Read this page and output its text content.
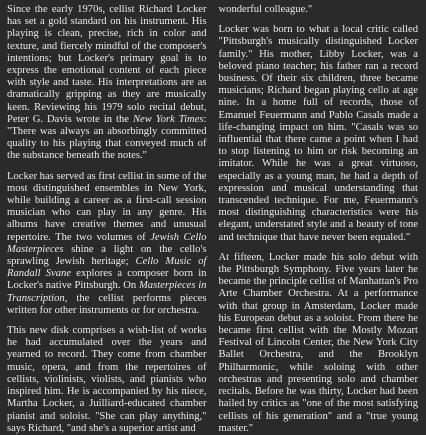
Since the early 1970s, cellist Richard Locker has set a gold standard on his instrument. His playing is clean, precise, rich in color and texture, and fiercely mindful of the composer's intentions; but Locker's primary goal is to express the emotional content of each piece with style and taste. His interpretations are as dramatically gripping as they are musically keen. Reviewing his 1979 solo recital debut, Peter G. Davis wrote in the New York Times: "There was always an absorbingly committed quality to his playing that conveyed much of the substance beneath the notes."

Locker has served as first cellist in some of the most distinguished ensembles in New York, while building a career as a first-call session musician who can play in any genre. His albums have creative themes and unusual repertoire. The two volumes of Jewish Cello Masterpieces shine a light on the cello's sprawling Jewish heritage; Cello Music of Randall Svane explores a composer born in Locker's native Pittsburgh. On Masterpieces in Transcription, the cellist performs pieces written for other instruments or for orchestra.

This new disk comprises a wish-list of works he had accumulated over the years and yearned to record. They come from chamber music, opera, and from the repertoires of cellists, violinists, violists, and pianists who inspired him. He is accompanied by his niece, Martha Locker, a Juilliard-educated chamber pianist and soloist. "She can play anything," says Richard, "and she's a superior artist and

wonderful colleague."

Locker was born to what a local critic called "Pittsburgh's musically distinguished Locker family." His mother, Libby Locker, was a beloved piano teacher; his father ran a record business. Of their six children, three became musicians; Richard began playing cello at age nine. In a home full of records, those of Emanuel Feuermann and Pablo Casals made a life-changing impact on him. "Casals was so influential that there came a point when I had to stop listening to him or risk becoming an imitator. While he was a great virtuoso, especially as a young man, he had a depth of expression and musical understanding that transcended technique. For me, Feuermann's most distinguishing characteristics were his elegant, understated style and a beauty of tone and technique that have never been equaled."

At fifteen, Locker made his solo debut with the Pittsburgh Symphony. Five years later he became the principle cellist of Manhattan's Pro Arte Chamber Orchestra. At a performance with that group in Amsterdam, Locker made his European debut as a soloist. From there he became first cellist with the Mostly Mozart Festival of Lincoln Center, the New York City Ballet Orchestra, and the Brooklyn Philharmonic, while soloing with other orchestras and presenting solo and chamber recitals. Before he was thirty, Locker had been hailed by critics as "one of the most satisfying cellists of his generation" and a "true young master."
